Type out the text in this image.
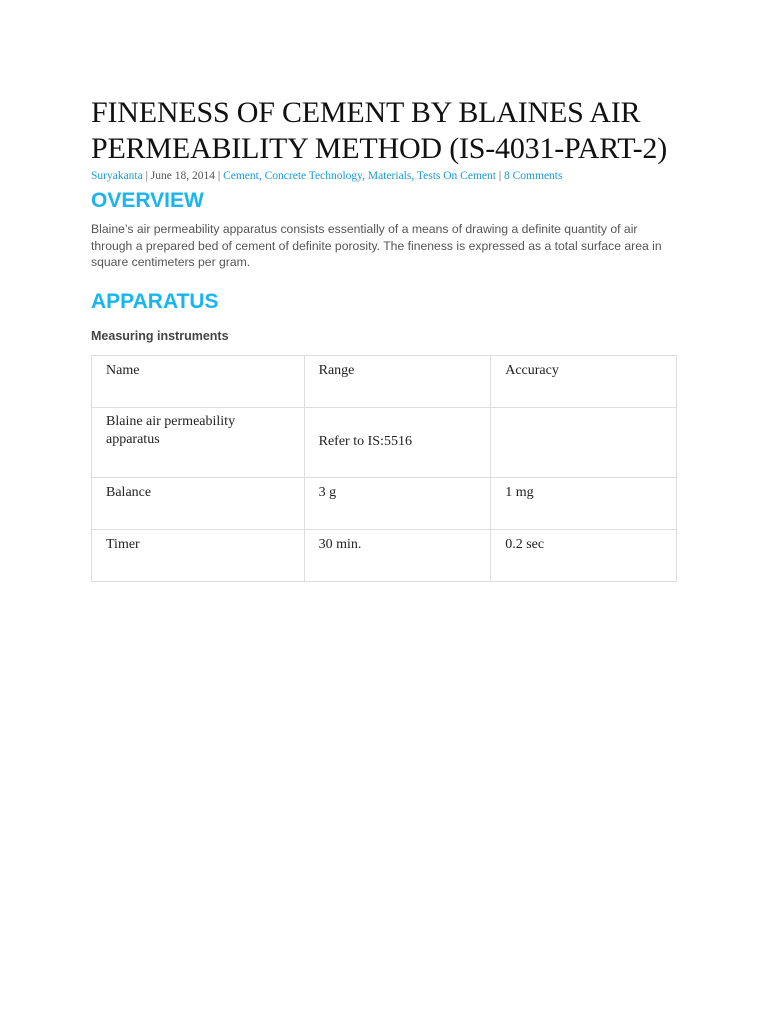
FINENESS OF CEMENT BY BLAINES AIR PERMEABILITY METHOD (IS-4031-PART-2)
Suryakanta | June 18, 2014 | Cement, Concrete Technology, Materials, Tests On Cement | 8 Comments
OVERVIEW

Blaine’s air permeability apparatus consists essentially of a means of drawing a definite quantity of air through a prepared bed of cement of definite porosity. The fineness is expressed as a total surface area in square centimeters per gram.

APPARATUS
Measuring instruments
Name	Range	Accuracy
Blaine air permeability apparatus	Refer to IS:5516	
Balance	3 g	1 mg
Timer	30 min.	0.2 sec
